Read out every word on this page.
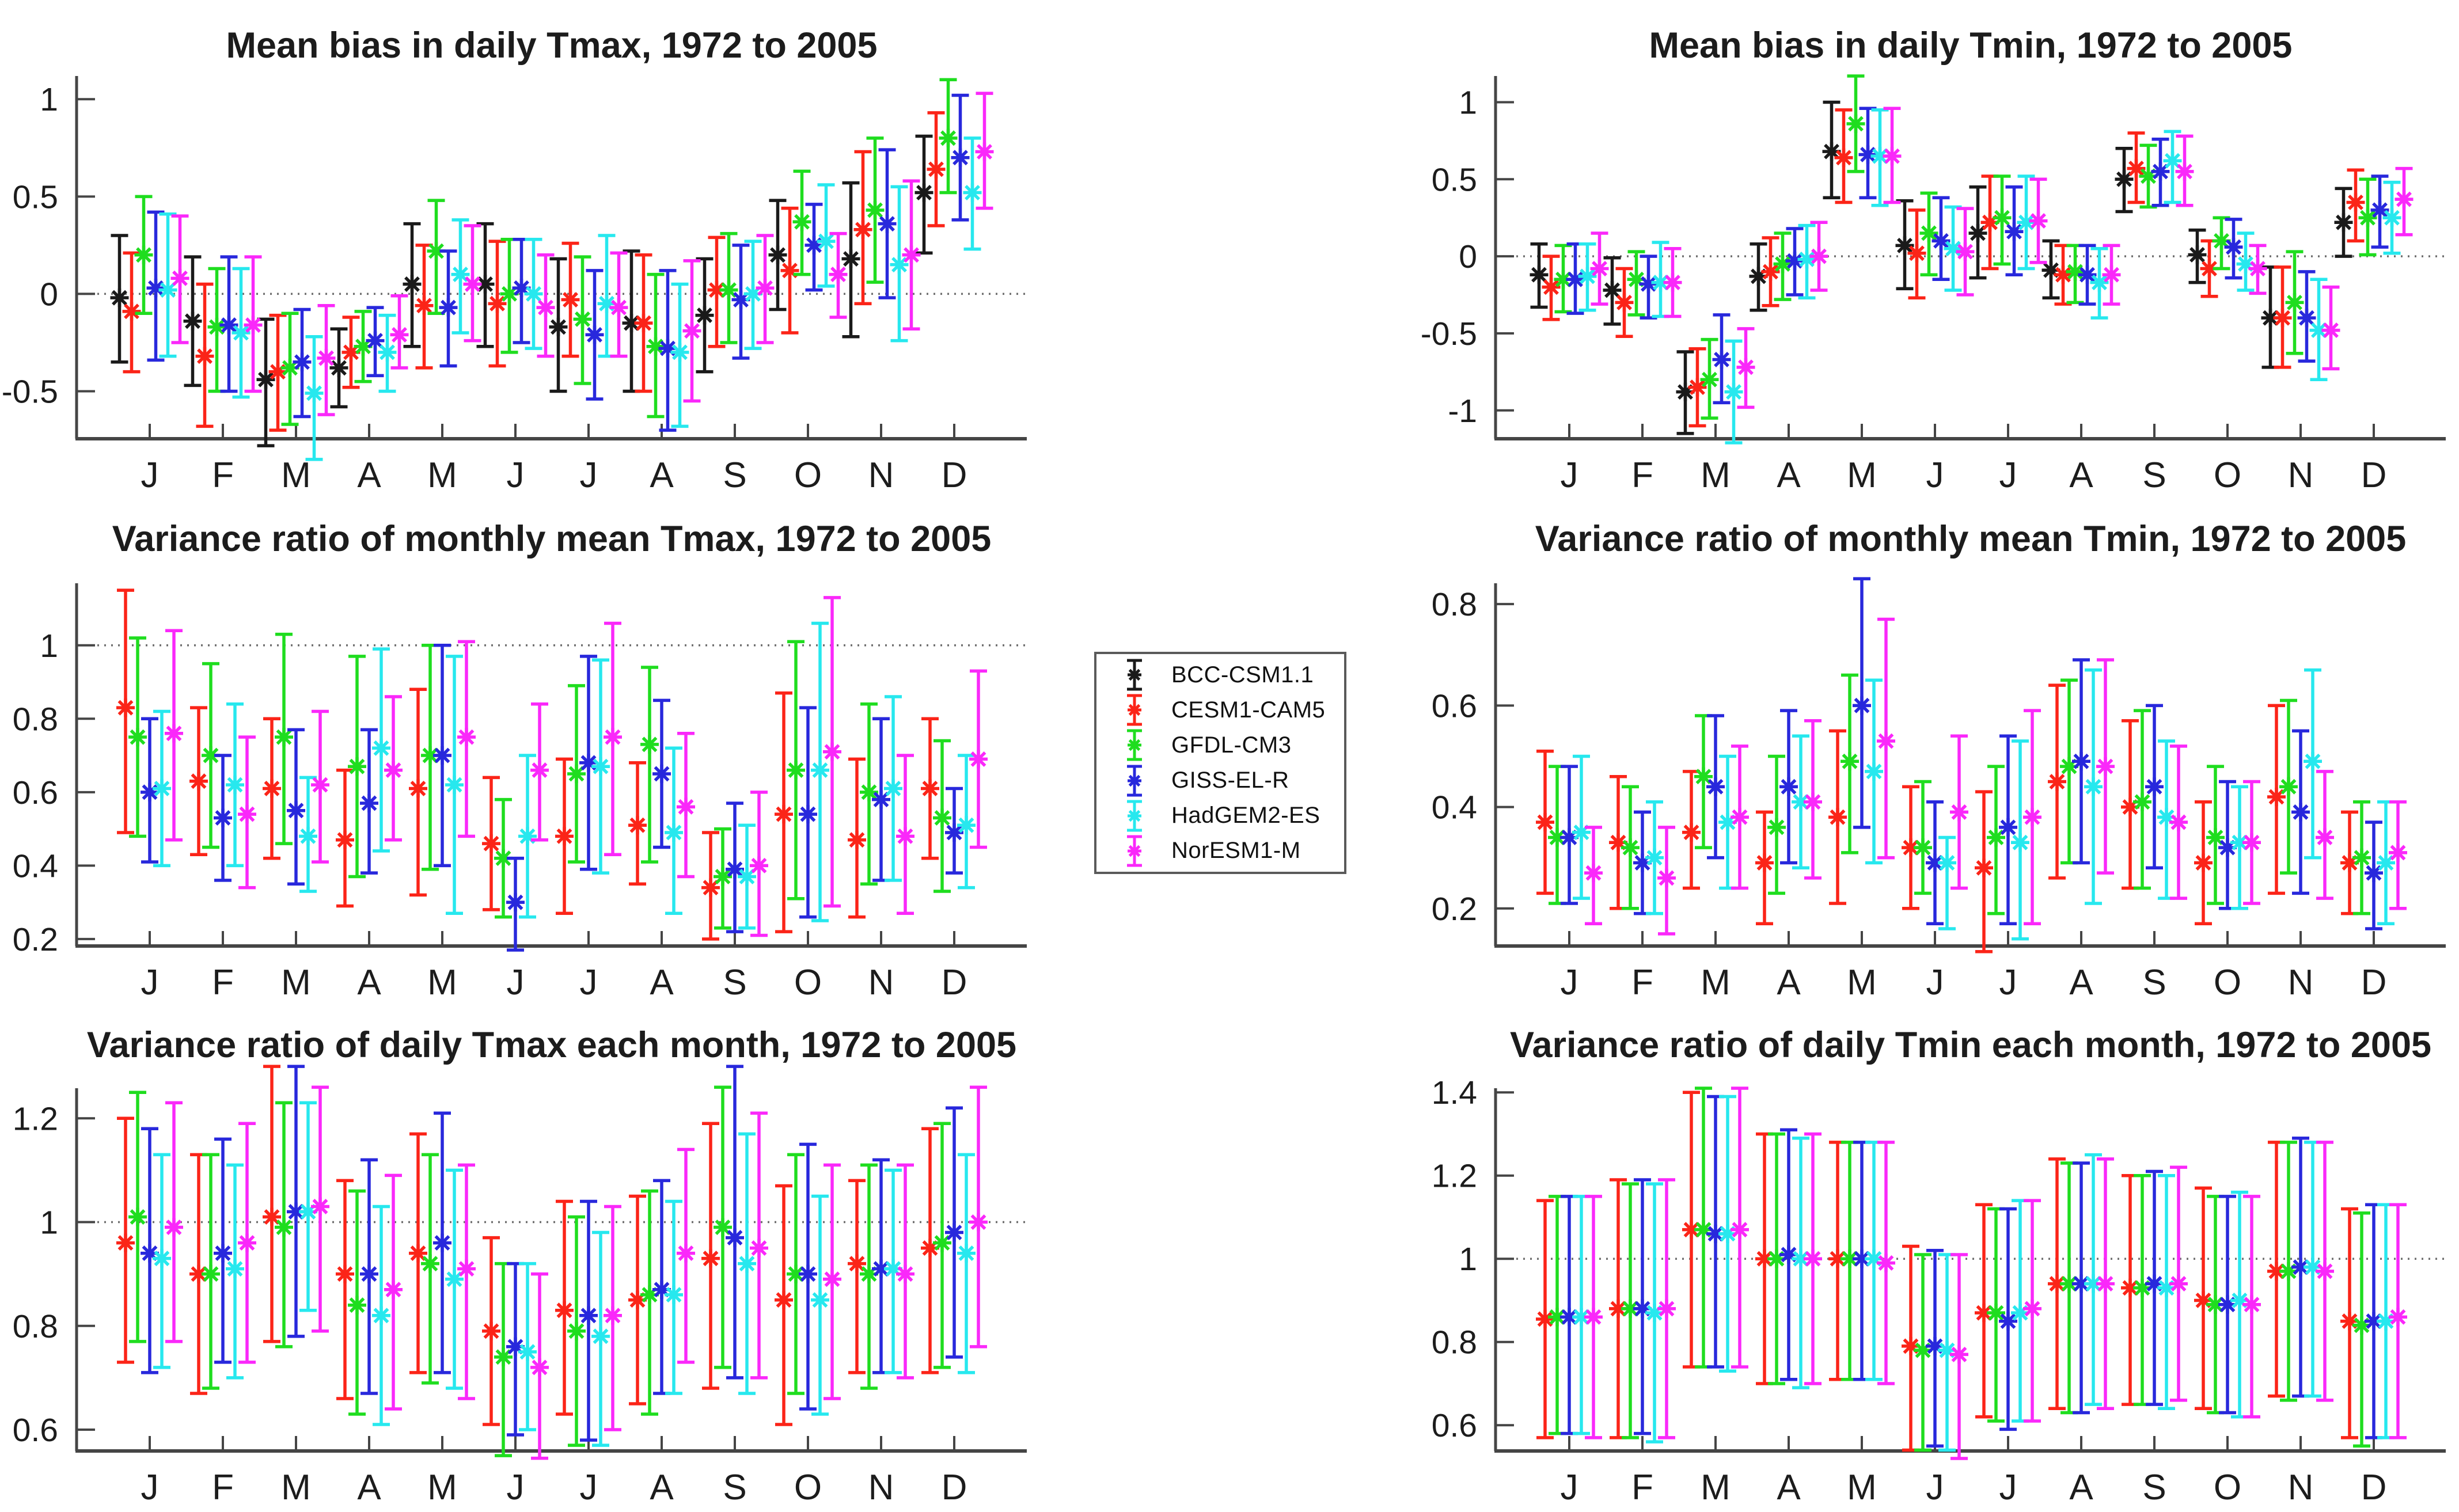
Mean bias in daily Tmax, 1972 to 2005
1
0.5
0
-0.5
J F M A M J J A S O N D
Mean bias in daily Tmin, 1972 to 2005
1
0.5
0
-0.5
-1
J F M A M J J A S O N D
Variance ratio of monthly mean Tmax, 1972 to 2005
1
0.8
0.6
0.4
0.2
J F M A M J J A S O N D
Variance ratio of monthly mean Tmin, 1972 to 2005
0.8
0.6
0.4
0.2
J F M A M J J A S O N D
Variance ratio of daily Tmax each month, 1972 to 2005
1.2
1
0.8
0.6
J F M A M J J A S O N D
Variance ratio of daily Tmin each month, 1972 to 2005
1.4
1.2
1
0.8
0.6
J F M A M J J A S O N D
BCC-CSM1.1
CESM1-CAM5
GFDL-CM3
GISS-EL-R
HadGEM2-ES
NorESM1-M
